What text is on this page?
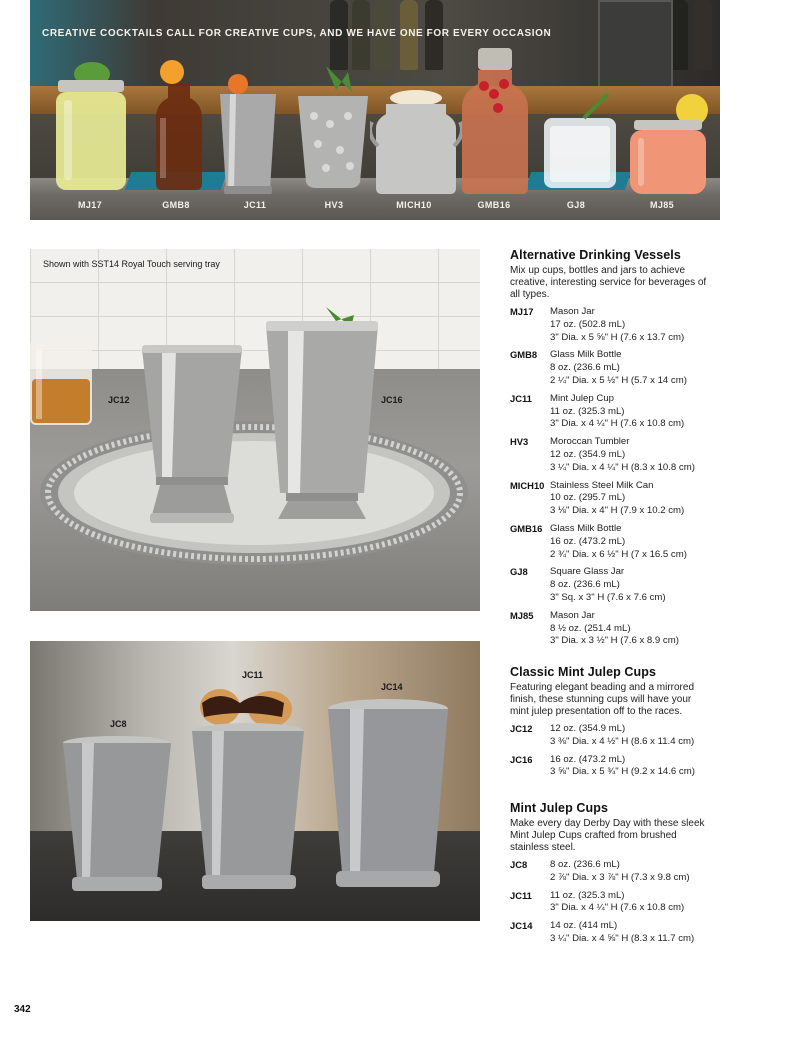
CREATIVE COCKTAILS CALL FOR CREATIVE CUPS, AND WE HAVE ONE FOR EVERY OCCASION
MJ17	GMB8	JC11	HV3	MICH10	GMB16	GJ8	MJ85
Shown with SST14 Royal Touch serving tray
JC12	JC16
JC8
JC11
JC14
Alternative Drinking Vessels
Mix up cups, bottles and jars to achieve
creative, interesting service for beverages of
all types.
MJ17 Mason Jar
17 oz. (502.8 mL)
3" Dia. x 5 ⅝" H (7.6 x 13.7 cm)
GMB8 Glass Milk Bottle
8 oz. (236.6 mL)
2 ¼" Dia. x 5 ½" H (5.7 x 14 cm)
JC11 Mint Julep Cup
11 oz. (325.3 mL)
3" Dia. x 4 ¼" H (7.6 x 10.8 cm)
HV3 Moroccan Tumbler
12 oz. (354.9 mL)
3 ¼" Dia. x 4 ¼" H (8.3 x 10.8 cm)
MICH10 Stainless Steel Milk Can
10 oz. (295.7 mL)
3 ⅛" Dia. x 4" H (7.9 x 10.2 cm)
GMB16 Glass Milk Bottle
16 oz. (473.2 mL)
2 ¾" Dia. x 6 ½" H (7 x 16.5 cm)
GJ8 Square Glass Jar
8 oz. (236.6 mL)
3" Sq. x 3" H (7.6 x 7.6 cm)
MJ85 Mason Jar
8 ½ oz. (251.4 mL)
3" Dia. x 3 ½" H (7.6 x 8.9 cm)
Classic Mint Julep Cups
Featuring elegant beading and a mirrored
finish, these stunning cups will have your
mint julep presentation off to the races.
JC12 12 oz. (354.9 mL)
3 ⅜" Dia. x 4 ½" H (8.6 x 11.4 cm)
JC16 16 oz. (473.2 mL)
3 ⅝" Dia. x 5 ¾" H (9.2 x 14.6 cm)
Mint Julep Cups
Make every day Derby Day with these sleek
Mint Julep Cups crafted from brushed
stainless steel.
JC8 8 oz. (236.6 mL)
2 ⅞" Dia. x 3 ⅞" H (7.3 x 9.8 cm)
JC11 11 oz. (325.3 mL)
3" Dia. x 4 ¼" H (7.6 x 10.8 cm)
JC14 14 oz. (414 mL)
3 ¼" Dia. x 4 ⅝" H (8.3 x 11.7 cm)
342
